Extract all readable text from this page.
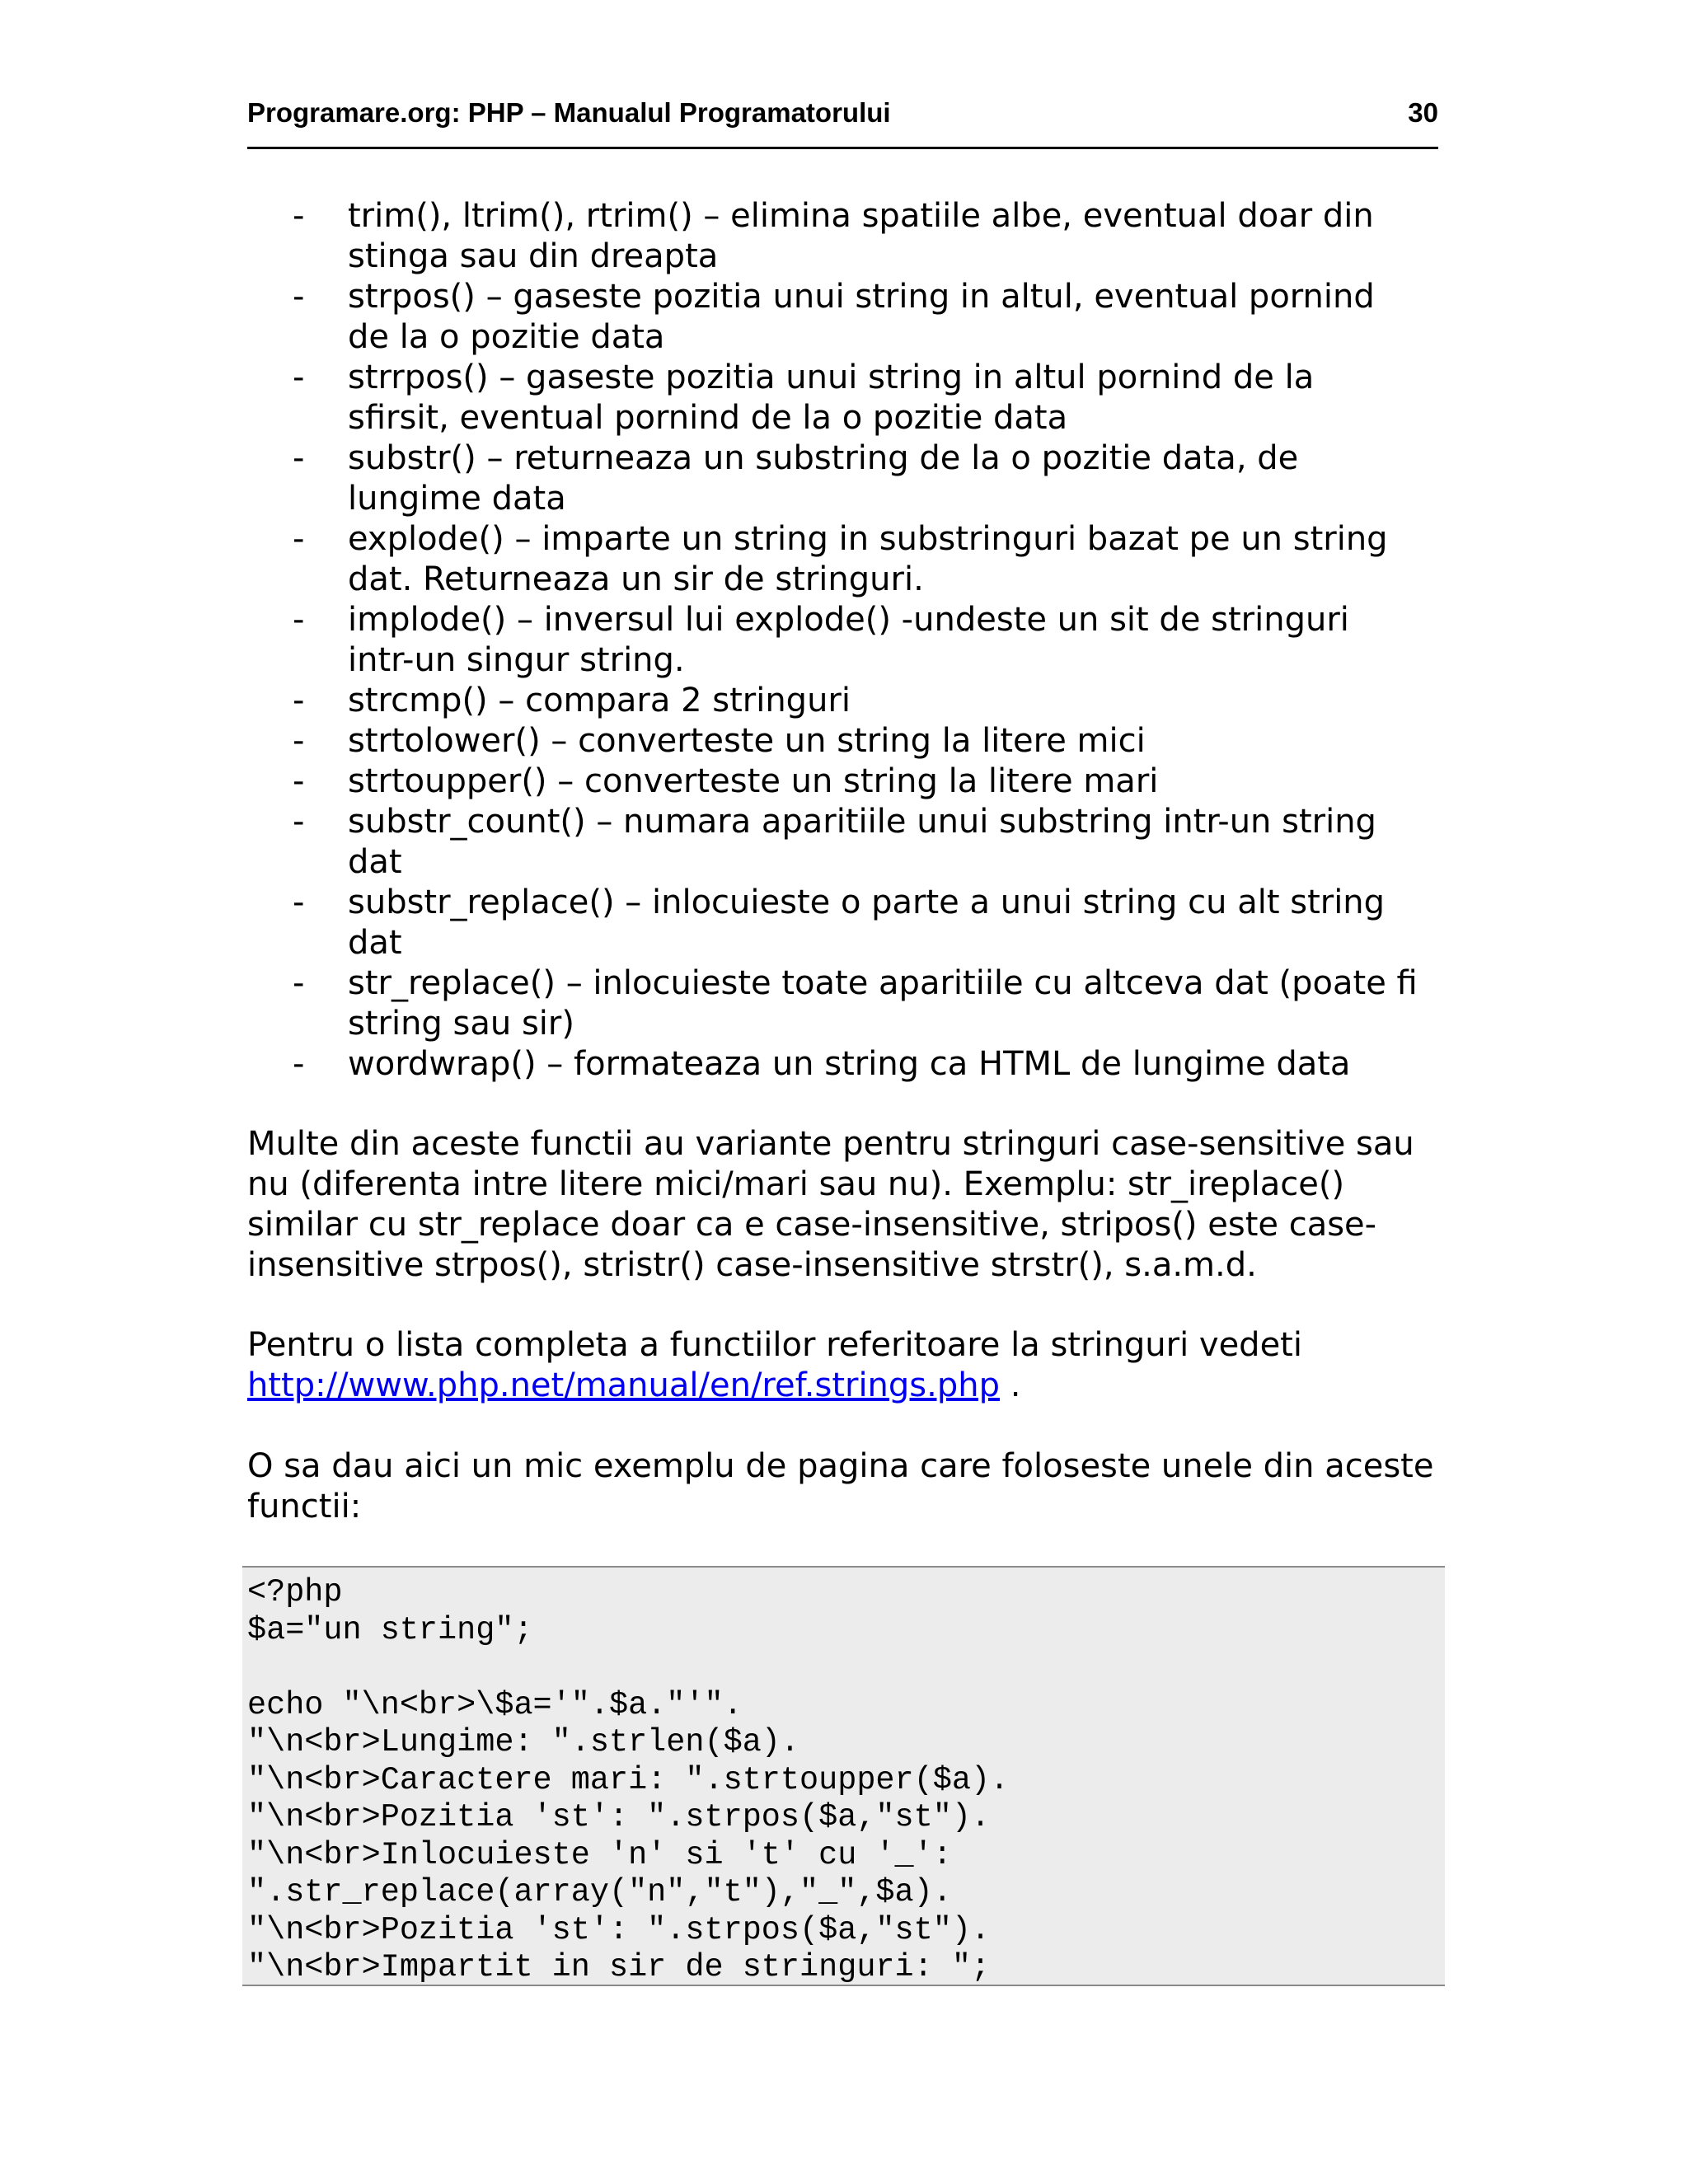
Programare.org: PHP – Manualul Programatorului	30
- trim(), ltrim(), rtrim() – elimina spatiile albe, eventual doar din
stinga sau din dreapta
- strpos() – gaseste pozitia unui string in altul, eventual pornind
de la o pozitie data
- strrpos() – gaseste pozitia unui string in altul pornind de la
sfirsit, eventual pornind de la o pozitie data
- substr() – returneaza un substring de la o pozitie data, de
lungime data
- explode() – imparte un string in substringuri bazat pe un string
dat. Returneaza un sir de stringuri.
- implode() – inversul lui explode() -undeste un sit de stringuri
intr-un singur string.
- strcmp() – compara 2 stringuri
- strtolower() – converteste un string la litere mici
- strtoupper() – converteste un string la litere mari
- substr_count() – numara aparitiile unui substring intr-un string
dat
- substr_replace() – inlocuieste o parte a unui string cu alt string
dat
- str_replace() – inlocuieste toate aparitiile cu altceva dat (poate fi
string sau sir)
- wordwrap() – formateaza un string ca HTML de lungime data

Multe din aceste functii au variante pentru stringuri case-sensitive sau
nu (diferenta intre litere mici/mari sau nu). Exemplu: str_ireplace()
similar cu str_replace doar ca e case-insensitive, stripos() este case-
insensitive strpos(), stristr() case-insensitive strstr(), s.a.m.d.

Pentru o lista completa a functiilor referitoare la stringuri vedeti
http://www.php.net/manual/en/ref.strings.php .

O sa dau aici un mic exemplu de pagina care foloseste unele din aceste
functii:

<?php
$a="un string";

echo "\n<br>\$a='".$a."'".
"\n<br>Lungime: ".strlen($a).
"\n<br>Caractere mari: ".strtoupper($a).
"\n<br>Pozitia 'st': ".strpos($a,"st").
"\n<br>Inlocuieste 'n' si 't' cu '_':
".str_replace(array("n","t"),"_",$a).
"\n<br>Pozitia 'st': ".strpos($a,"st").
"\n<br>Impartit in sir de stringuri: ";
